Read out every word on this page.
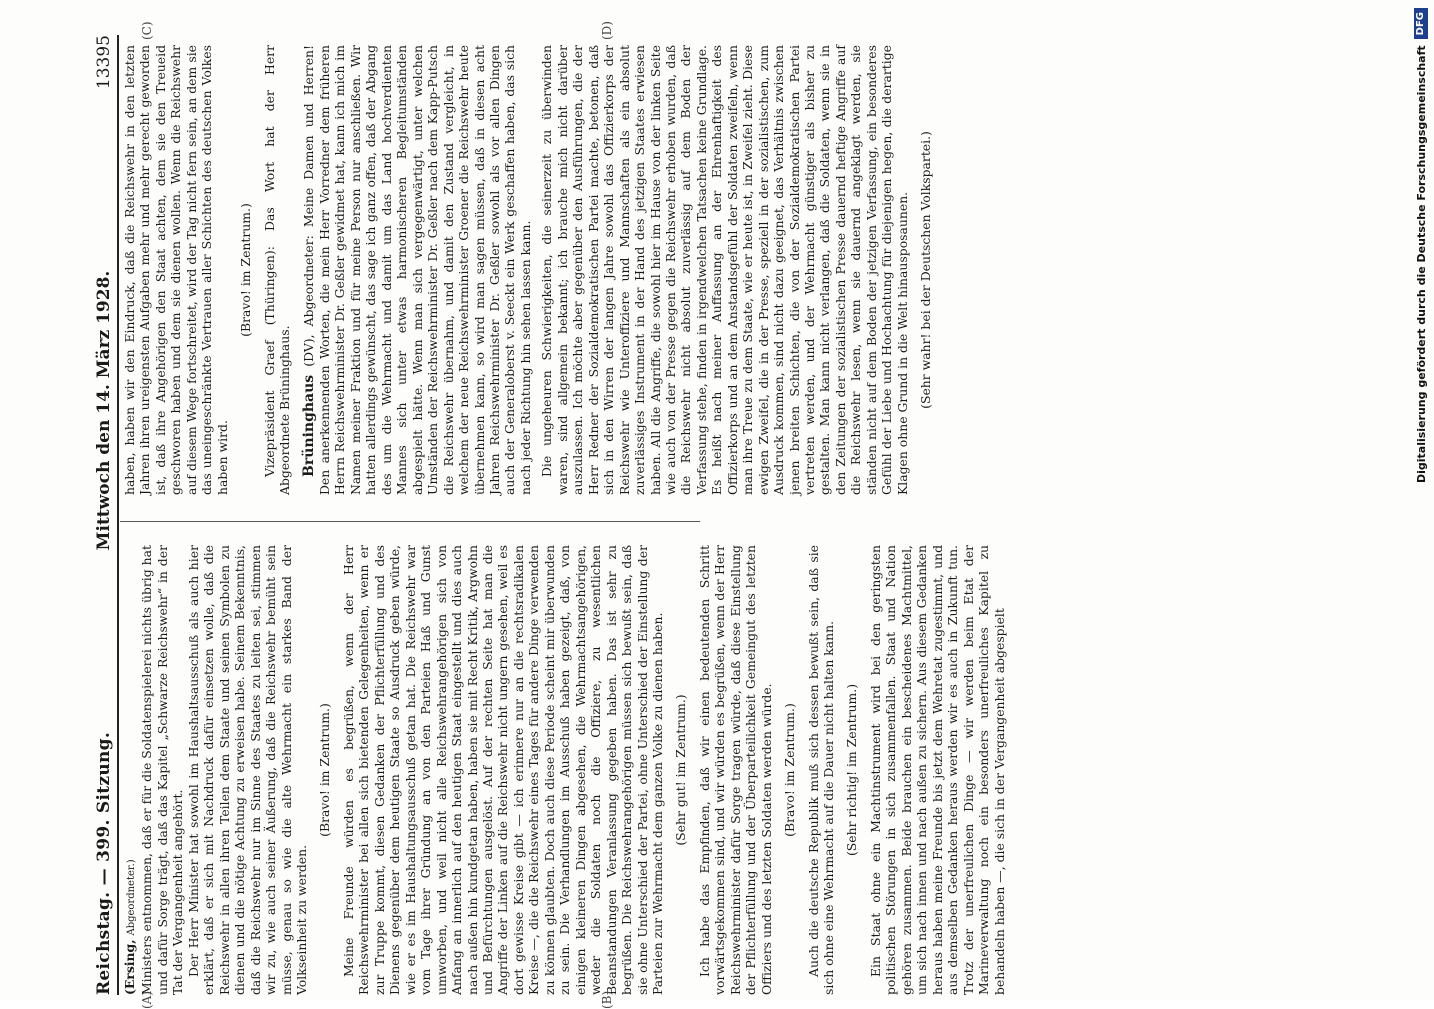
Reichstag. — 399. Sitzung.
Mittwoch den 14. März 1928.
13395

(Ersing, Abgeordneter.) Ministers entnommen, daß er für die Soldatenspielerei nichts übrig hat und dafür Sorge trägt, daß das Kapitel „Schwarze Reichswehr“ in der Tat der Vergangenheit angehört. Der Herr Minister hat sowohl im Haushaltsausschuß als auch hier erklärt, daß er sich mit Nachdruck dafür einsetzen wolle, daß die Reichswehr in allen ihren Teilen dem Staate und seinen Symbolen zu dienen und die nötige Achtung zu erweisen habe. Seinem Bekenntnis, daß die Reichswehr nur im Sinne des Staates zu leiten sei, stimmen wir zu, wie auch seiner Äußerung, daß die Reichswehr bemüht sein müsse, genau so wie die alte Wehrmacht ein starkes Band der Volkseinheit zu werden.

(Bravo! im Zentrum.) Meine Freunde würden es begrüßen, wenn der Herr Reichswehrminister bei allen sich bietenden Gelegenheiten, wenn er zur Truppe kommt, diesen Gedanken der Pflichterfüllung und des Dienens gegenüber dem heutigen Staate so Ausdruck geben würde, wie er es im Haushaltungsausschuß getan hat. Die Reichswehr war vom Tage ihrer Gründung an von den Parteien Haß und Gunst umworben, und weil nicht alle Reichswehrangehörigen sich von Anfang an innerlich auf den heutigen Staat eingestellt und dies auch nach außen hin kundgetan haben, haben sie mit Recht Kritik, Argwohn und Befürchtungen ausgelöst. Auf der rechten Seite hat man die Angriffe der Linken auf die Reichswehr nicht ungern gesehen, weil es dort gewisse Kreise gibt — ich erinnere nur an die rechtsradikalen Kreise —, die die Reichswehr eines Tages für andere Dinge verwenden zu können glaubten. Doch auch diese Periode scheint mir überwunden zu sein. Die Verhandlungen im Ausschuß haben gezeigt, daß, von einigen kleineren Dingen abgesehen, die Wehrmachtsangehörigen, weder die Soldaten noch die Offiziere, zu wesentlichen Beanstandungen Veranlassung gegeben haben. Das ist sehr zu begrüßen. Die Reichswehrangehörigen müssen sich bewußt sein, daß sie ohne Unterschied der Partei, ohne Unterschied der Einstellung der Parteien zur Wehrmacht dem ganzen Volke zu dienen haben. (Sehr gut! im Zentrum.) Ich habe das Empfinden, daß wir einen bedeutenden Schritt vorwärtsgekommen sind, und wir würden es begrüßen, wenn der Herr Reichswehrminister dafür Sorge tragen würde, daß diese Einstellung der Pflichterfüllung und der Überparteilichkeit Gemeingut des letzten Offiziers und des letzten Soldaten werden würde. (Bravo! im Zentrum.) Auch die deutsche Republik muß sich dessen bewußt sein, daß sie sich ohne eine Wehrmacht auf die Dauer nicht halten kann. (Sehr richtig! im Zentrum.) Ein Staat ohne ein Machtinstrument wird bei den geringsten politischen Störungen in sich zusammenfallen. Staat und Nation gehören zusammen. Beide brauchen ein bescheidenes Machtmittel, um sich nach innen und nach außen zu sichern. Aus diesem Gedanken heraus haben meine Freunde bis jetzt dem Wehretat zugestimmt, und aus demselben Gedanken heraus werden wir es auch in Zukunft tun. Trotz der unerfreulichen Dinge — wir werden beim Etat der Marineverwaltung noch ein besonders unerfreuliches Kapitel zu behandeln haben —, die sich in der Vergangenheit abgespielt

haben, haben wir den Eindruck, daß die Reichswehr in den letzten Jahren ihren ureigensten Aufgaben mehr und mehr gerecht geworden ist, daß ihre Angehörigen den Staat achten, dem sie den Treueid geschworen haben und dem sie dienen wollen. Wenn die Reichswehr auf diesem Wege fortschreitet, wird der Tag nicht fern sein, an dem sie das uneingeschränkte Vertrauen aller Schichten des deutschen Volkes haben wird.

(Bravo! im Zentrum.) Vizepräsident Graef (Thüringen): Das Wort hat der Herr Abgeordnete Brüninghaus. Brüninghaus (DV), Abgeordneter: Meine Damen und Herren! Den anerkennenden Worten, die mein Herr Vorredner dem früheren Herrn Reichswehrminister Dr. Geßler gewidmet hat, kann ich mich im Namen meiner Fraktion und für meine Person nur anschließen. Wir hatten allerdings gewünscht, das sage ich ganz offen, daß der Abgang des um die Wehrmacht und damit um das Land hochverdienten Mannes sich unter etwas harmonischeren Begleitumständen abgespielt hätte. Wenn man sich vergegenwärtigt, unter welchen Umständen der Reichswehrminister Dr. Geßler nach dem Kapp-Putsch die Reichswehr übernahm, und damit den Zustand vergleicht, in welchem der neue Reichswehrminister Groener die Reichswehr heute übernehmen kann, so wird man sagen müssen, daß in diesen acht Jahren Reichswehrminister Dr. Geßler sowohl als vor allen Dingen auch der Generaloberst v. Seeckt ein Werk geschaffen haben, das sich nach jeder Richtung hin sehen lassen kann. Die ungeheuren Schwierigkeiten, die seinerzeit zu überwinden waren, sind allgemein bekannt; ich brauche mich nicht darüber auszulassen. Ich möchte aber gegenüber den Ausführungen, die der Herr Redner der Sozialdemokratischen Partei machte, betonen, daß sich in den Wirren der langen Jahre sowohl das Offizierkorps der Reichswehr wie Unteroffiziere und Mannschaften als ein absolut zuverlässiges Instrument in der Hand des jetzigen Staates erwiesen haben. All die Angriffe, die sowohl hier im Hause von der linken Seite wie auch von der Presse gegen die Reichswehr erhoben wurden, daß die Reichswehr nicht absolut zuverlässig auf dem Boden der Verfassung stehe, finden in irgendwelchen Tatsachen keine Grundlage. Es heißt nach meiner Auffassung an der Ehrenhaftigkeit des Offizierkorps und an dem Anstandsgefühl der Soldaten zweifeln, wenn man ihre Treue zu dem Staate, wie er heute ist, in Zweifel zieht. Diese ewigen Zweifel, die in der Presse, speziell in der sozialistischen, zum Ausdruck kommen, sind nicht dazu geeignet, das Verhältnis zwischen jenen breiten Schichten, die von der Sozialdemokratischen Partei vertreten werden, und der Wehrmacht günstiger als bisher zu gestalten. Man kann nicht verlangen, daß die Soldaten, wenn sie in den Zeitungen der sozialistischen Presse dauernd heftige Angriffe auf die Reichswehr lesen, wenn sie dauernd angeklagt werden, sie ständen nicht auf dem Boden der jetzigen Verfassung, ein besonderes Gefühl der Liebe und Hochachtung für diejenigen hegen, die derartige Klagen ohne Grund in die Welt hinausposaunen. (Sehr wahr! bei der Deutschen Volkspartei.)

(A)	(B)
(C)	(D)
Digitalisierung gefördert durch die Deutsche Forschungsgemeinschaft
DFG
